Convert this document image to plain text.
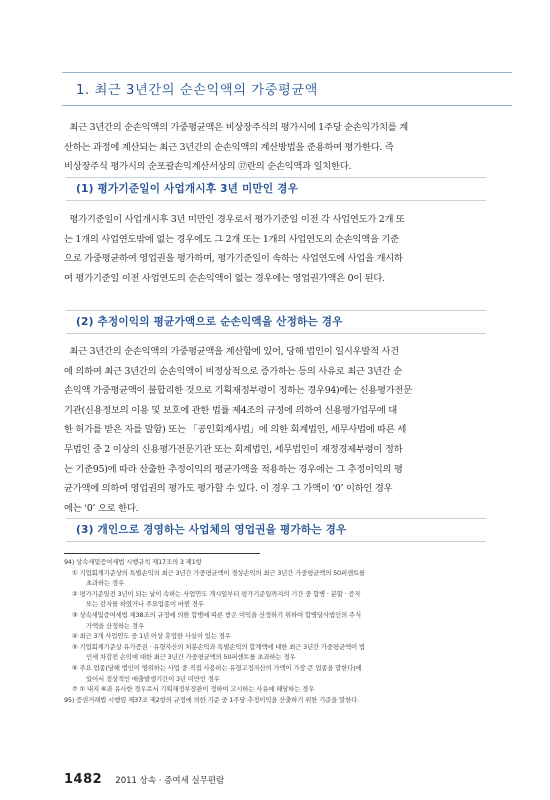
1. 최근 3년간의 순손익액의 가중평균액
최근 3년간의 순손익액의 가중평균액은 비상장주식의 평가시에 1주당 순손익가치를 계
산하는 과정에 계산되는 최근 3년간의 순손익액의 계산방법을 준용하여 평가한다. 즉
비상장주식 평가시의 순포괄손익계산서상의 ⑰란의 순손익액과 일치한다.
(1) 평가기준일이 사업개시후 3년 미만인 경우
평가기준일이 사업개시후 3년 미만인 경우로서 평가기준일 이전 각 사업연도가 2개 또
는 1개의 사업연도밖에 없는 경우에도 그 2개 또는 1개의 사업연도의 순손익액을 기준
으로 가중평균하여 영업권을 평가하며, 평가기준일이 속하는 사업연도에 사업을 개시하
여 평가기준일 이전 사업연도의 순손익액이 없는 경우에는 영업권가액은 0이 된다.
(2) 추정이익의 평균가액으로 순손익액을 산정하는 경우
최근 3년간의 순손익액의 가중평균액을 계산함에 있어, 당해 법인이 일시우발적 사건
에 의하여 최근 3년간의 순손익액이 비정상적으로 증가하는 등의 사유로 최근 3년간 순
손익액 가중평균액이 불합리한 것으로 기획재정부령이 정하는 경우94)에는 신용평가전문
기관(신용정보의 이용 및 보호에 관한 법률 제4조의 규정에 의하여 신용평가업무에 대
한 허가를 받은 자를 말함) 또는 「공인회계사법」에 의한 회계법인, 세무사법에 따른 세
무법인 중 2 이상의 신용평가전문기관 또는 회계법인, 세무법인이 재정경제부령이 정하
는 기준95)에 따라 산출한 추정이익의 평균가액을 적용하는 경우에는 그 추정이익의 평
균가액에 의하여 영업권의 평가도 평가할 수 있다. 이 경우 그 가액이 ‘0’ 이하인 경우
에는 ‘0’ 으로 한다.
(3) 개인으로 경영하는 사업체의 영업권을 평가하는 경우
94) 상속세및증여세법 시행규칙 제17조의 3 제1항
① 기업회계기준상의 특별손익의 최근 3년간 가중평균액이 경상손익의 최근 3년간 가중평균액의 50퍼센트를
초과하는 경우
② 평가기준일전 3년이 되는 날이 속하는 사업연도 개시일부터 평가기준일까지의 기간 중 합병 · 분할 · 증자
또는 감자를 하였거나 주요업종이 바뀐 경우
③ 상속세및증여세법 제38조의 규정에 의한 합병에 따른 받은 이익을 산정하기 위하여 합병당사법인의 주식
가액을 산정하는 경우
④ 최근 3개 사업연도 중 1년 이상 휴업한 사실이 있는 경우
⑤ 기업회계기준상 유가증권 · 유형자산의 처분손익과 특별손익의 합계액에 대한 최근 3년간 가중평균액이 법
인세 차감전 손익에 대한 최근 3년간 가중평균액의 50퍼센트를 초과하는 경우
⑥ 주요 업종(당해 법인이 영위하는 사업 중 직접 사용하는 유형고정자산의 가액이 가장 큰 업종을 말한다)에
있어서 정상적인 매출발생기간이 3년 미만인 경우
⑦ ① 내지 ⑥과 유사한 경우로서 기획재정부장관이 정하여 고시하는 사유에 해당하는 경우
95) 증권거래법 시행령 제37조 제2항의 규정에 의한 기준 중 1주당 추정이익을 산출하기 위한 기준을 말한다.
1482 2011 상속 · 증여세 실무편람
